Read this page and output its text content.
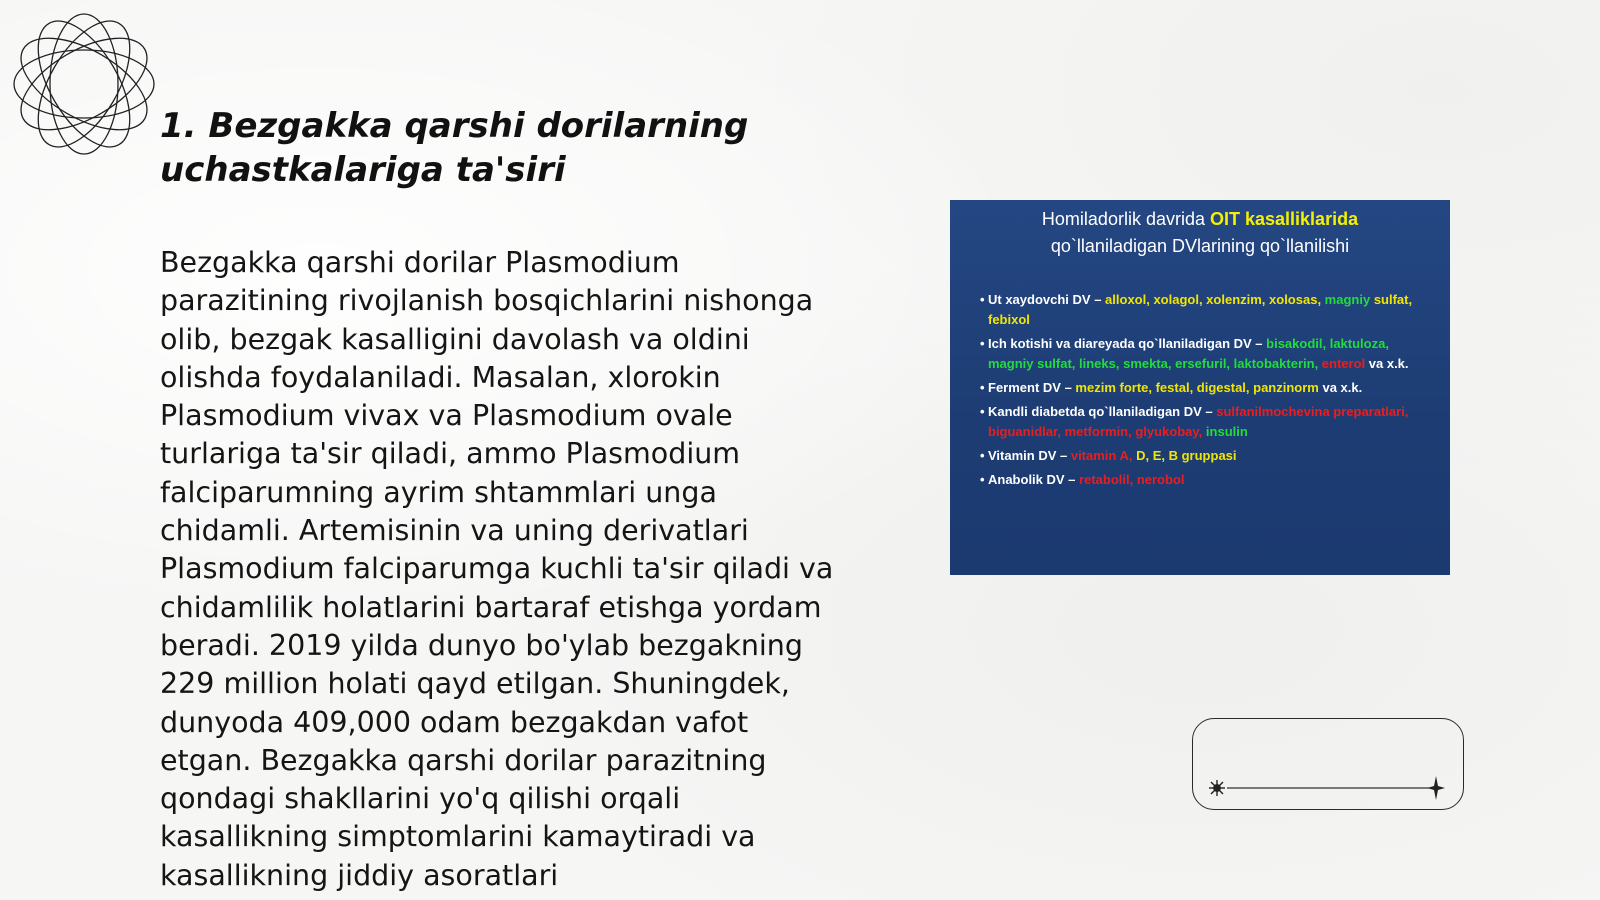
1. Bezgakka qarshi dorilarning
uchastkalariga ta'siri

Bezgakka qarshi dorilar Plasmodium parazitining rivojlanish bosqichlarini nishonga olib, bezgak kasalligini davolash va oldini olishda foydalaniladi. Masalan, xlorokin Plasmodium vivax va Plasmodium ovale turlariga ta'sir qiladi, ammo Plasmodium falciparumning ayrim shtammlari unga chidamli. Artemisinin va uning derivatlari Plasmodium falciparumga kuchli ta'sir qiladi va chidamlilik holatlarini bartaraf etishga yordam beradi. 2019 yilda dunyo bo'ylab bezgakning 229 million holati qayd etilgan. Shuningdek, dunyoda 409,000 odam bezgakdan vafot etgan. Bezgakka qarshi dorilar parazitning qondagi shakllarini yo'q qilishi orqali kasallikning simptomlarini kamaytiradi va kasallikning jiddiy asoratlari

Homiladorlik davrida OIT kasalliklarida
qo`llaniladigan DVlarining qo`llanilishi
• Ut xaydovchi DV – alloxol, xolagol, xolenzim, xolosas, magniy sulfat, febixol
• Ich kotishi va diareyada qo`llaniladigan DV – bisakodil, laktuloza, magniy sulfat, lineks, smekta, ersefuril, laktobakterin, enterol va x.k.
• Ferment DV – mezim forte, festal, digestal, panzinorm va x.k.
• Kandli diabetda qo`llaniladigan DV – sulfanilmochevina preparatlari, biguanidlar, metformin, glyukobay, insulin
• Vitamin DV – vitamin A, D, E, B gruppasi
• Anabolik DV – retabolil, nerobol
